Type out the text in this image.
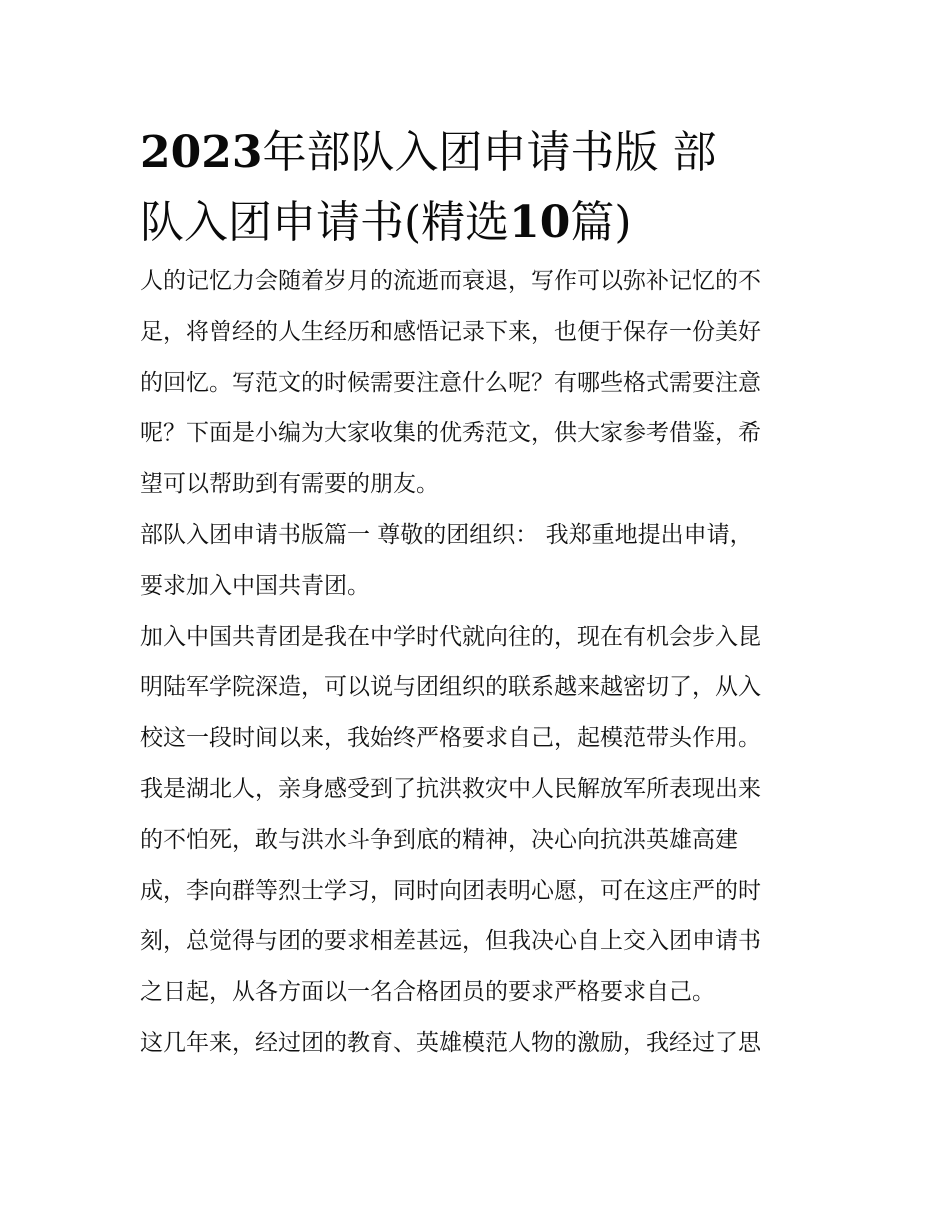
2023年部队入团申请书版 部
队入团申请书(精选10篇)

人的记忆力会随着岁月的流逝而衰退，写作可以弥补记忆的不
足，将曾经的人生经历和感悟记录下来，也便于保存一份美好
的回忆。写范文的时候需要注意什么呢？有哪些格式需要注意
呢？下面是小编为大家收集的优秀范文，供大家参考借鉴，希
望可以帮助到有需要的朋友。

部队入团申请书版篇一 尊敬的团组织： 我郑重地提出申请，
要求加入中国共青团。

加入中国共青团是我在中学时代就向往的，现在有机会步入昆
明陆军学院深造，可以说与团组织的联系越来越密切了，从入
校这一段时间以来，我始终严格要求自己，起模范带头作用。

我是湖北人，亲身感受到了抗洪救灾中人民解放军所表现出来
的不怕死，敢与洪水斗争到底的精神，决心向抗洪英雄高建
成，李向群等烈士学习，同时向团表明心愿，可在这庄严的时
刻，总觉得与团的要求相差甚远，但我决心自上交入团申请书
之日起，从各方面以一名合格团员的要求严格要求自己。

这几年来，经过团的教育、英雄模范人物的激励，我经过了思
